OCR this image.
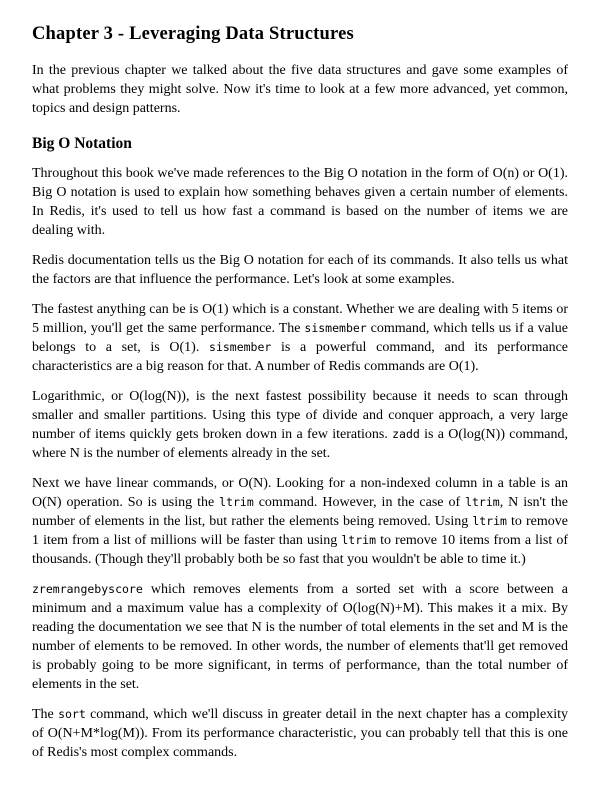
Chapter 3 - Leveraging Data Structures

In the previous chapter we talked about the five data structures and gave some examples of what problems they might solve. Now it's time to look at a few more advanced, yet common, topics and design patterns.

Big O Notation

Throughout this book we've made references to the Big O notation in the form of O(n) or O(1). Big O notation is used to explain how something behaves given a certain number of elements. In Redis, it's used to tell us how fast a command is based on the number of items we are dealing with.

Redis documentation tells us the Big O notation for each of its commands. It also tells us what the factors are that influence the performance. Let's look at some examples.

The fastest anything can be is O(1) which is a constant. Whether we are dealing with 5 items or 5 million, you'll get the same performance. The sismember command, which tells us if a value belongs to a set, is O(1). sismember is a powerful command, and its performance characteristics are a big reason for that. A number of Redis commands are O(1).

Logarithmic, or O(log(N)), is the next fastest possibility because it needs to scan through smaller and smaller partitions. Using this type of divide and conquer approach, a very large number of items quickly gets broken down in a few iterations. zadd is a O(log(N)) command, where N is the number of elements already in the set.

Next we have linear commands, or O(N). Looking for a non-indexed column in a table is an O(N) operation. So is using the ltrim command. However, in the case of ltrim, N isn't the number of elements in the list, but rather the elements being removed. Using ltrim to remove 1 item from a list of millions will be faster than using ltrim to remove 10 items from a list of thousands. (Though they'll probably both be so fast that you wouldn't be able to time it.)

zremrangebyscore which removes elements from a sorted set with a score between a minimum and a maximum value has a complexity of O(log(N)+M). This makes it a mix. By reading the documentation we see that N is the number of total elements in the set and M is the number of elements to be removed. In other words, the number of elements that'll get removed is probably going to be more significant, in terms of performance, than the total number of elements in the set.

The sort command, which we'll discuss in greater detail in the next chapter has a complexity of O(N+M*log(M)). From its performance characteristic, you can probably tell that this is one of Redis's most complex commands.
